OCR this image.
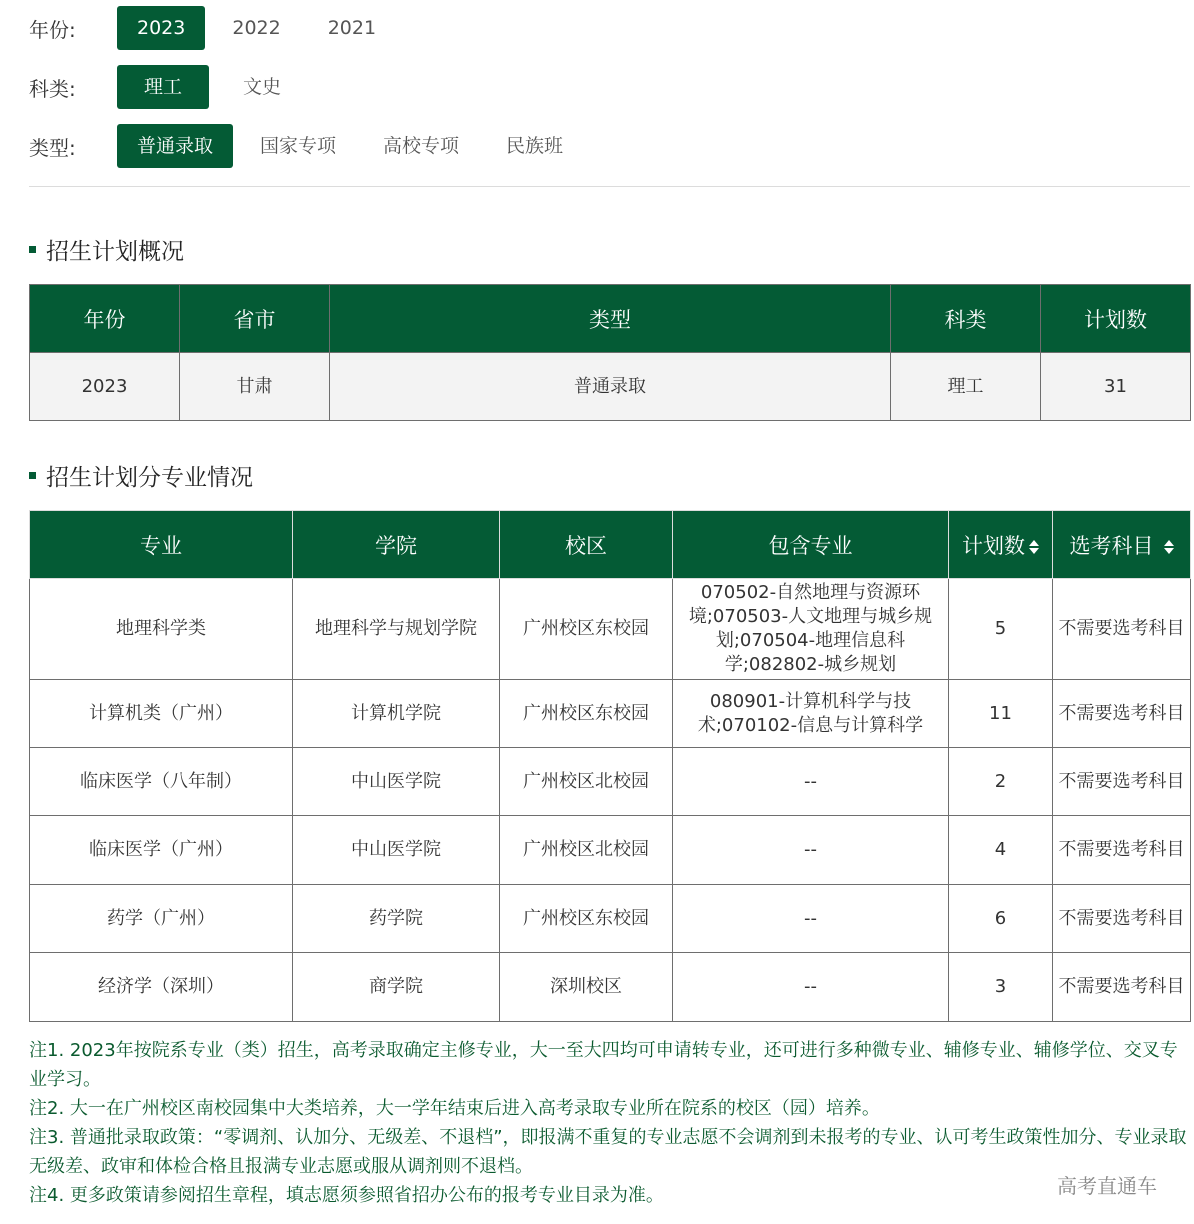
年份:	2023	2022	2021
科类:	理工	文史
类型:	普通录取	国家专项	高校专项	民族班
招生计划概况
年份	省市	类型	科类	计划数
2023	甘肃	普通录取	理工	31
招生计划分专业情况
专业	学院	校区	包含专业	计划数	选考科目
地理科学类	地理科学与规划学院	广州校区东校园	070502-自然地理与资源环境;070503-人文地理与城乡规划;070504-地理信息科学;082802-城乡规划	5	不需要选考科目
计算机类（广州）	计算机学院	广州校区东校园	080901-计算机科学与技术;070102-信息与计算科学	11	不需要选考科目
临床医学（八年制）	中山医学院	广州校区北校园	--	2	不需要选考科目
临床医学（广州）	中山医学院	广州校区北校园	--	4	不需要选考科目
药学（广州）	药学院	广州校区东校园	--	6	不需要选考科目
经济学（深圳）	商学院	深圳校区	--	3	不需要选考科目

注1. 2023年按院系专业（类）招生，高考录取确定主修专业，大一至大四均可申请转专业，还可进行多种微专业、辅修专业、辅修学位、交叉专业学习。

注2. 大一在广州校区南校园集中大类培养，大一学年结束后进入高考录取专业所在院系的校区（园）培养。

注3. 普通批录取政策：“零调剂、认加分、无级差、不退档”，即报满不重复的专业志愿不会调剂到未报考的专业、认可考生政策性加分、专业录取无级差、政审和体检合格且报满专业志愿或服从调剂则不退档。

注4. 更多政策请参阅招生章程，填志愿须参照省招办公布的报考专业目录为准。	高考直通车
